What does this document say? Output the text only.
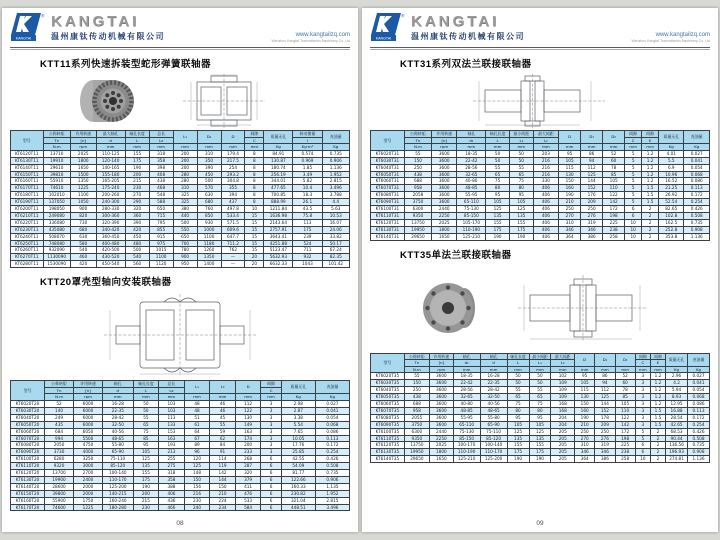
KANGTAI
® KANGTAI
温州康钛传动机械有限公司	www.kangtailzq.com
Wenzhou Kangtai Transmission Machinery Co.,Ltd
KTT11系列快速拆装型蛇形弹簧联轴器
型号	公称转矩	许用转速	最大轴孔	轴孔长度	总长	L₁	D₁	D	间隙	质量无孔	转动惯量	充油量
	Tn	[n]	d	L	Lz				C		I	
	N.m	rpm	mm	mm	mm	mm	mm	mm	mm	Kg	Kg·m²	Kg
KT6120T11	13710	2025	110-125	155	318	200	310	179.4	8	84.91	0.574	0.735
KT6130T11	19910	1800	120-140	175	358	200	350	217.5	8	130.87	0.969	0.906
KT6140T11	29610	1650	140-165	190	398	200	390	254	8	180.74	1.85	1.136
KT6150T11	39810	1500	155-180	200	408	280	450	293.2	8	256.19	3.49	1.952
KT6160T11	55910	1350	165-205	215	438	280	500	304.8	8	344.01	5.82	2.815
KT6170T11	74610	1225	175-240	230	468	310	570	355	8	477.65	10.4	3.496
KT6180T11	102010	1100	200-260	270	548	325	630	394	8	700.85	18.3	3.788
KT6190T11	137050	1050	240-300	290	588	325	680	437	8	888.99	26.1	4.4
KT6200T11	198050	900	280-330	320	650	380	760	497.8	10	1211.84	43.5	5.63
KT6210T11	249080	820	300-360	360	715	440	850	533.4	15	1636.98	75.8	10.53
KT6220T11	336080	730	320-390	390	795	500	930	571.5	15	2143.64	113	16.07
KT6230T11	435080	680	340-420	420	855	550	1000	609.6	15	2757.91	175	24.06
KT6240T11	508070	630	360-450	450	915	650	1100	647.7	15	3643.41	239	33.82
KT6250T11	748080	580	400-480	480	975	700	1180	711.2	15	4251.88	524	50.17
KT6260T11	932090	540	420-500	500	1015	780	1260	762	15	5123.47	711	67.24
KT6270T11	1130090	460	430-520	540	1100	900	1350	—	20	5632.93	932	82.35
KT6280T11	1530090	420	450-540	560	1120	950	1400	—	20	6632.33	1043	101.42
KTT20罩壳型轴向安装联轴器
型号	公称转矩	许用转速	轴孔	轴孔长度	总长	L₁	L₃	D	间隙	质量无孔	充油量
	Tn	[n]	d	L	Lz				C		
	N.m	rpm	mm	mm	mm	mm	mm	mm	mm	Kg	Kg
KT6020T20	52	6000	16-28	50	103	48	46	112	3	2.08	0.027
KT6030T20	140	6000	22-35	50	103	48	46	122	3	2.87	0.041
KT6040T20	249	6000	28-42	55	113	51	45	130	3	3.38	0.054
KT6050T20	435	6000	32-50	65	133	61	55	149	3	5.54	0.068
KT6060T20	684	6050	40-56	75	153	64	59	163	3	7.65	0.086
KT6070T20	994	5500	48-65	85	163	67	62	174	3	10.05	0.113
KT6080T20	2050	4750	55-80	95	193	89	84	200	3	17.76	0.172
KT6090T20	3730	4000	65-90	105	213	96	91	233	3	25.85	0.254
KT6100T20	6280	3250	75-110	125	255	120	114	268	6	42.55	0.426
KT6110T20	9320	3000	85-120	135	275	125	119	287	6	54.09	0.508
KT6120T20	13700	2700	100-140	155	318	148	142	320	6	81.77	0.735
KT6130T20	19900	2400	110-170	175	358	150	144	379	6	122.66	0.906
KT6140T20	28600	2000	125-200	190	388	156	150	411	6	160.33	1.135
KT6150T20	39800	2000	140-215	200	406	216	210	476	6	230.82	1.952
KT6160T20	55900	1750	160-240	215	436	230	224	533	6	321.04	2.815
KT6170T20	74600	1225	180-280	230	466	240	234	584	6	448.51	3.496
08
KANGTAI
® KANGTAI
温州康钛传动机械有限公司	www.kangtailzq.com
Wenzhou Kangtai Transmission Machinery Co.,Ltd
KTT31系列双法兰联接联轴器
型号	公称转矩	许用转速	轴孔	轴孔长度	最小间距	最大间距	D	D₁	D₂	间隙	间隙	质量无孔	充油量
	Tn	[n]	d₁	L	L₁	L₂				C	E		
	N.m	rpm	mm	mm	mm	mm	mm	mm	mm	mm	mm	Kg	Kg
KT6020T31	55	3600	18-35	50	50	203	95	86	52	5	1.2	4.01	0.027
KT6030T31	150	3600	22-42	50	50	216	105	94	60	5	1.2	5.5	0.041
KT6040T31	250	3600	28-56	55	55	216	115	112	78	5	1.2	6.9	0.054
KT6050T31	438	3600	32-65	65	65	216	130	125	85	5	1.2	10.96	0.068
KT6060T31	688	3600	40-80	75	75	330	150	144	105	5	1.2	16.52	0.086
KT6070T31	958	3600	48-85	80	80	406	160	152	110	5	1.5	21.25	0.113
KT6080T31	2058	3600	55-95	95	95	406	190	176	122	5	1.5	26.92	0.172
KT6090T31	3750	3600	65-110	105	105	406	210	209	142	5	1.5	52.54	0.254
KT6100T31	6300	2440	75-130	125	125	406	250	250	172	6	2	82.65	0.426
KT6110T31	9350	2250	85-150	135	135	406	270	276	198	6	2	102.8	0.508
KT6120T31	13750	2025	105-170	155	155	406	310	319	225	10	2	162.5	0.735
KT6130T31	19950	1800	110-190	175	175	406	346	346	238	10	2	252.8	0.908
KT6140T31	29650	1650	125-210	190	190	406	364	386	258	10	2	353.8	1.136
KTT35单法兰联接联轴器
型号	公称转矩	许用转速	轴孔	轴孔	轴孔长度	最小间距	最大间距	D	D₁	D₂	间隙	间隙	质量无孔	充油量
	Tn	[n]	d₁	d	L	L₁	L₂				C	E		
	N.m	rpm	mm	mm	mm	mm	mm	mm	mm	mm	mm	mm	Kg	Kg
KT6020T35	55	3600	18-35	16-28	50	50	102	95	86	52	3	1.2	2.96	0.027
KT6030T35	150	3600	22-42	22-35	50	50	109	105	94	60	3	1.2	4.2	0.041
KT6040T35	250	3600	28-56	28-42	55	55	109	115	112	78	3	1.2	5.94	0.054
KT6050T35	438	3600	32-65	32-50	65	65	109	130	125	85	3	1.2	8.93	0.068
KT6060T35	688	3600	40-80	40-56	75	75	168	150	144	105	3	1.2	12.95	0.086
KT6070T35	958	3600	48-85	48-65	80	80	168	160	152	110	3	1.5	16.88	0.113
KT6080T35	2055	3600	55-95	55-80	95	95	204	190	178	122	3	1.5	28.54	0.172
KT6090T35	3750	3600	65-110	65-90	105	105	204	210	209	142	3	1.5	42.65	0.254
KT6100T35	6300	2440	75-130	75-110	125	125	205	250	250	172	5	2	68.53	0.426
KT6110T35	9350	2250	85-150	85-120	135	135	205	270	276	198	5	2	90.44	0.508
KT6120T35	13750	2025	100-170	100-140	155	155	205	310	319	225	6	2	136.56	0.735
KT6130T35	19950	1800	110-190	110-170	175	175	205	346	346	238	6	2	196.93	0.908
KT6140T35	29650	1650	125-210	125-200	190	190	205	364	386	258	10	2	274.81	1.136
09
